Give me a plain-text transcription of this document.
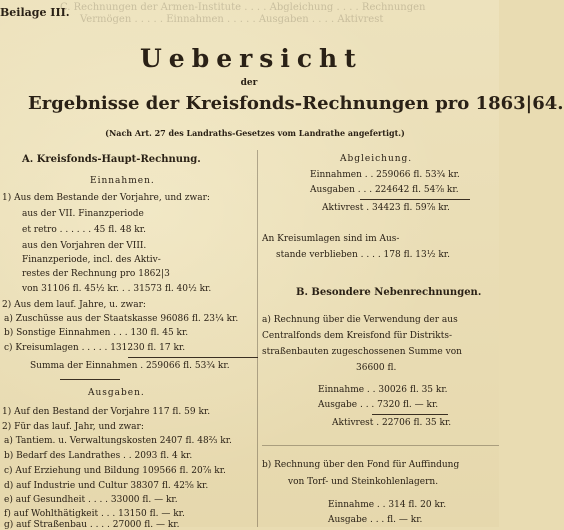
C. Rechnungen der Armen-Institute . . . . Abgleichung . . . . Rechnungen
Vermögen . . . . . Einnahmen . . . . . Ausgaben . . . . Aktivrest
Beilage III.
Uebersicht
der
Ergebnisse der Kreisfonds-Rechnungen pro 1863|64.
(Nach Art. 27 des Landraths-Gesetzes vom Landrathe angefertigt.)
A. Kreisfonds-Haupt-Rechnung.
Einnahmen.
1) Aus dem Bestande der Vorjahre, und zwar:
aus der VII. Finanzperiode
et retro . . . . . . 45 fl. 48 kr.
aus den Vorjahren der VIII.
Finanzperiode, incl. des Aktiv-
restes der Rechnung pro 1862|3
von 31106 fl. 45½ kr. . . 31573 fl. 40½ kr.
2) Aus dem lauf. Jahre, u. zwar:
a) Zuschüsse aus der Staatskasse 96086 fl. 23¼ kr.
b) Sonstige Einnahmen . . . 130 fl. 45 kr.
c) Kreisumlagen . . . . . 131230 fl. 17 kr.
Summa der Einnahmen . 259066 fl. 53¾ kr.
Ausgaben.
1) Auf den Bestand der Vorjahre 117 fl. 59 kr.
2) Für das lauf. Jahr, und zwar:
a) Tantiem. u. Verwaltungskosten 2407 fl. 48⅔ kr.
b) Bedarf des Landrathes . . 2093 fl. 4 kr.
c) Auf Erziehung und Bildung 109566 fl. 20⅞ kr.
d) auf Industrie und Cultur 38307 fl. 42⅝ kr.
e) auf Gesundheit . . . . 33000 fl. — kr.
f) auf Wohlthätigkeit . . . 13150 fl. — kr.
g) auf Straßenbau . . . . 27000 fl. — kr.
Abgleichung.
Einnahmen . . 259066 fl. 53¾ kr.
Ausgaben . . . 224642 fl. 54⅞ kr.
Aktivrest . 34423 fl. 59⅞ kr.
An Kreisumlagen sind im Aus-
stande verblieben . . . . 178 fl. 13½ kr.
B. Besondere Nebenrechnungen.
a) Rechnung über die Verwendung der aus
Centralfonds dem Kreisfond für Distrikts-
straßenbauten zugeschossenen Summe von
36600 fl.
Einnahme . . 30026 fl. 35 kr.
Ausgabe . . . 7320 fl. — kr.
Aktivrest . 22706 fl. 35 kr.
b) Rechnung über den Fond für Auffindung
von Torf- und Steinkohlenlagern.
Einnahme . . 314 fl. 20 kr.
Ausgabe . . . fl. — kr.
